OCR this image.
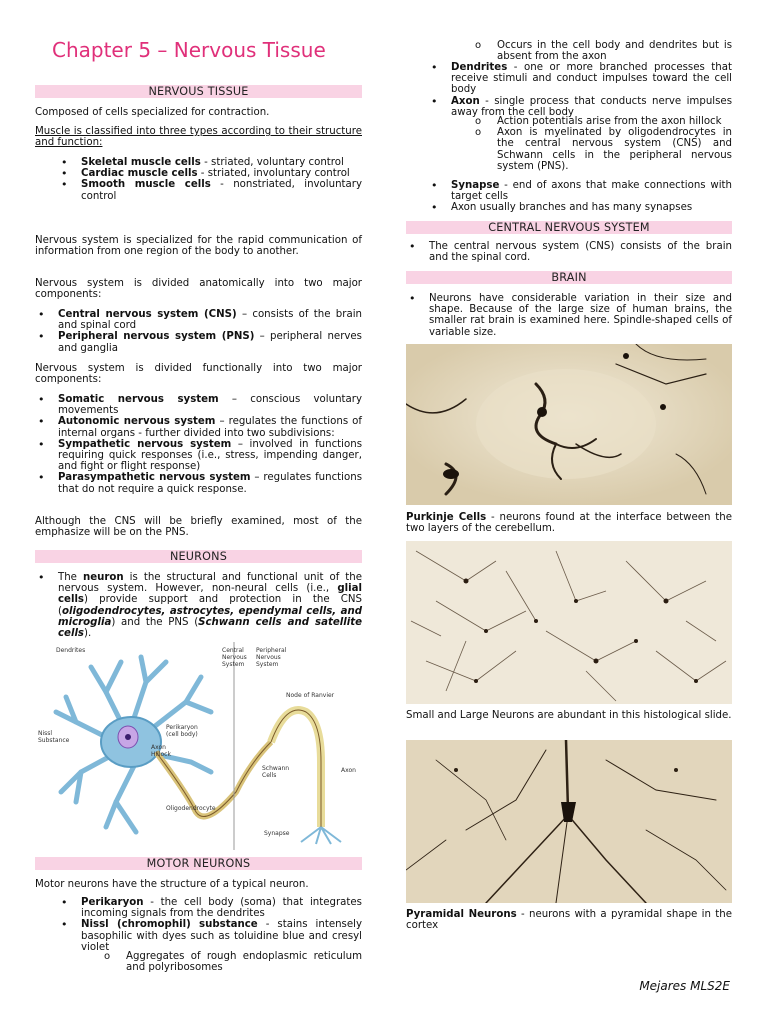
Chapter 5 – Nervous Tissue
NERVOUS TISSUE
Composed of cells specialized for contraction.
Muscle is classified into three types according to their structure and function:
• Skeletal muscle cells - striated, voluntary control
• Cardiac muscle cells - striated, involuntary control
• Smooth muscle cells - nonstriated, involuntary control
Nervous system is specialized for the rapid communication of information from one region of the body to another.
Nervous system is divided anatomically into two major components:
• Central nervous system (CNS) – consists of the brain and spinal cord
• Peripheral nervous system (PNS) – peripheral nerves and ganglia
Nervous system is divided functionally into two major components:
• Somatic nervous system – conscious voluntary movements
• Autonomic nervous system – regulates the functions of internal organs - further divided into two subdivisions:
• Sympathetic nervous system – involved in functions requiring quick responses (i.e., stress, impending danger, and fight or flight response)
• Parasympathetic nervous system – regulates functions that do not require a quick response.
Although the CNS will be briefly examined, most of the emphasize will be on the PNS.
NEURONS
• The neuron is the structural and functional unit of the nervous system. However, non-neural cells (i.e., glial cells) provide support and protection in the CNS (oligodendrocytes, astrocytes, ependymal cells, and microglia) and the PNS (Schwann cells and satellite cells).
Dendrites	Central
Nervous
System
Peripheral
Nervous
System
Node of Ranvier
Perikaryon
(cell body)
Nissl
Substance
Axon
Hillock
Schwann
Cells
Axon
Oligodendrocyte
Synapse
MOTOR NEURONS
Motor neurons have the structure of a typical neuron.
• Perikaryon - the cell body (soma) that integrates incoming signals from the dendrites
• Nissl (chromophil) substance - stains intensely basophilic with dyes such as toluidine blue and cresyl violet
o Aggregates of rough endoplasmic reticulum and polyribosomes
o Occurs in the cell body and dendrites but is absent from the axon
• Dendrites - one or more branched processes that receive stimuli and conduct impulses toward the cell body
• Axon - single process that conducts nerve impulses away from the cell body
o Action potentials arise from the axon hillock
o Axon is myelinated by oligodendrocytes in the central nervous system (CNS) and Schwann cells in the peripheral nervous system (PNS).
• Synapse - end of axons that make connections with target cells
• Axon usually branches and has many synapses
CENTRAL NERVOUS SYSTEM
• The central nervous system (CNS) consists of the brain and the spinal cord.
BRAIN
• Neurons have considerable variation in their size and shape. Because of the large size of human brains, the smaller rat brain is examined here. Spindle-shaped cells of variable size.
Purkinje Cells - neurons found at the interface between the two layers of the cerebellum.
Small and Large Neurons are abundant in this histological slide.
Pyramidal Neurons - neurons with a pyramidal shape in the cortex
Mejares MLS2E
